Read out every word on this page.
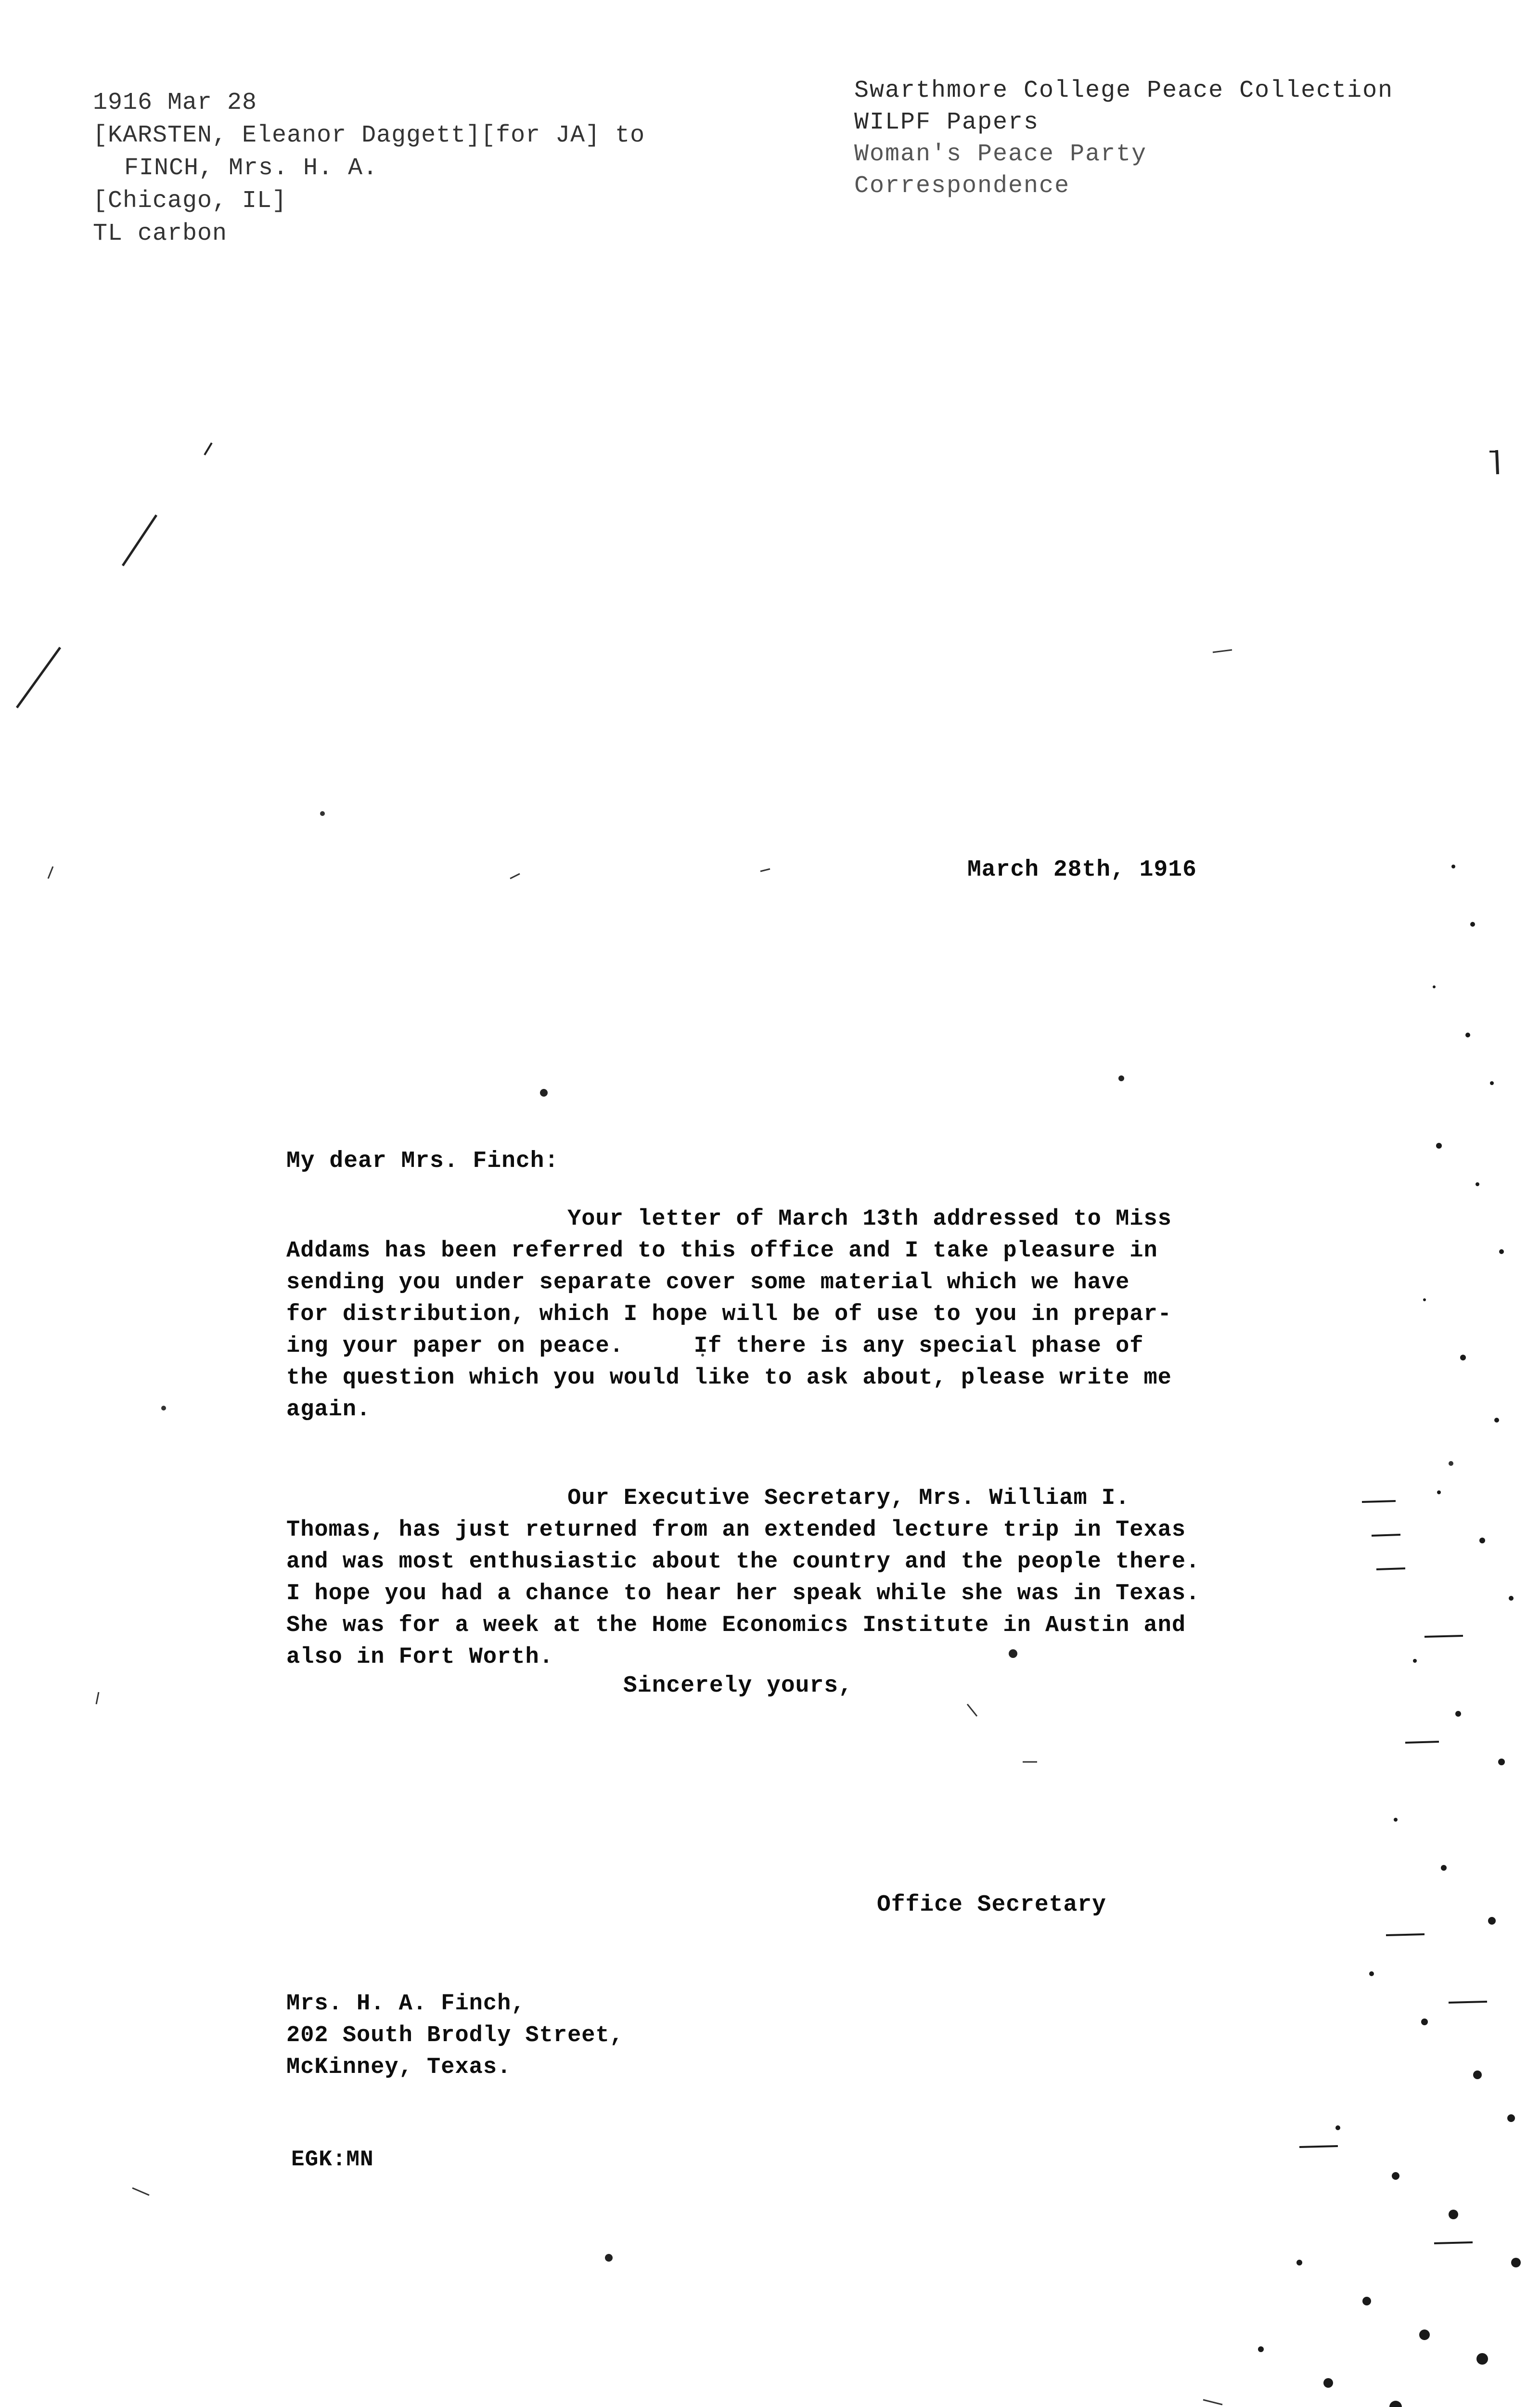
1916 Mar 28
[KARSTEN, Eleanor Daggett][for JA] to
FINCH, Mrs. H. A.
[Chicago, IL]
TL carbon
Swarthmore College Peace Collection
WILPF Papers
Woman's Peace Party
Correspondence
March 28th, 1916
My dear Mrs. Finch:
Your letter of March 13th addressed to Miss
Addams has been referred to this office and I take pleasure in
sending you under separate cover some material which we have
for distribution, which I hope will be of use to you in prepar-
ing your paper on peace.     If there is any special phase of
the question which you would like to ask about, please write me
again.
Our Executive Secretary, Mrs. William I.
Thomas, has just returned from an extended lecture trip in Texas
and was most enthusiastic about the country and the people there.
I hope you had a chance to hear her speak while she was in Texas.
She was for a week at the Home Economics Institute in Austin and
also in Fort Worth.
Sincerely yours,
Office Secretary
Mrs. H. A. Finch,
202 South Brodly Street,
McKinney, Texas.
EGK:MN
